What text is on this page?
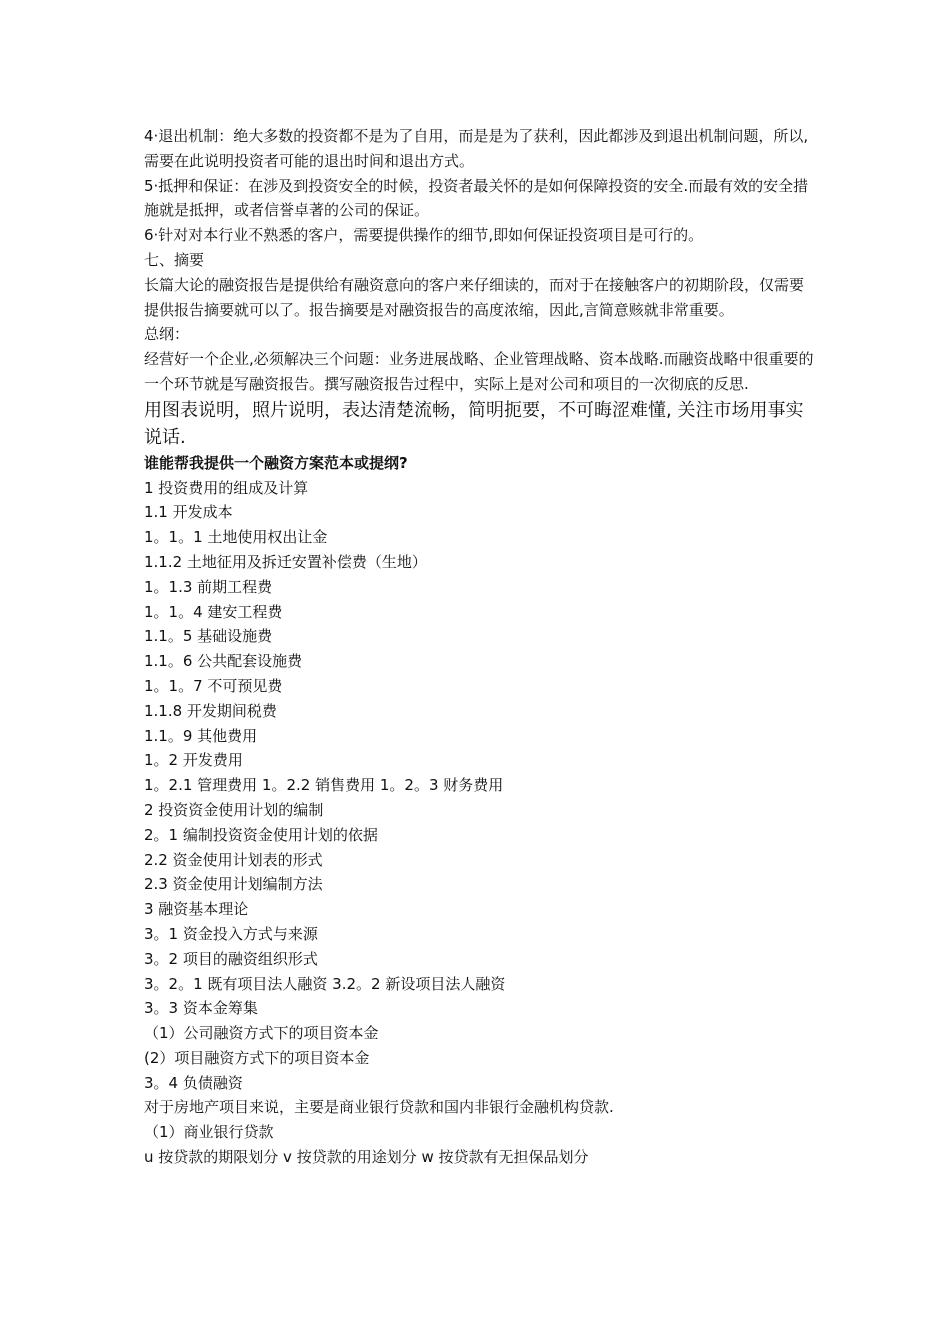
4·退出机制：绝大多数的投资都不是为了自用，而是是为了获利，因此都涉及到退出机制问题，所以,需要在此说明投资者可能的退出时间和退出方式。

5·抵押和保证：在涉及到投资安全的时候，投资者最关怀的是如何保障投资的安全.而最有效的安全措施就是抵押，或者信誉卓著的公司的保证。

6·针对对本行业不熟悉的客户，需要提供操作的细节,即如何保证投资项目是可行的。

七、摘要

长篇大论的融资报告是提供给有融资意向的客户来仔细读的，而对于在接触客户的初期阶段，仅需要提供报告摘要就可以了。报告摘要是对融资报告的高度浓缩，因此,言简意赅就非常重要。

总纲：

经营好一个企业,必须解决三个问题：业务进展战略、企业管理战略、资本战略.而融资战略中很重要的一个环节就是写融资报告。撰写融资报告过程中，实际上是对公司和项目的一次彻底的反思.

用图表说明，照片说明，表达清楚流畅，简明扼要，不可晦涩难懂, 关注市场用事实说话.

谁能帮我提供一个融资方案范本或提纲?

1 投资费用的组成及计算

1.1 开发成本

1。1。1 土地使用权出让金

1.1.2 土地征用及拆迁安置补偿费（生地）

1。1.3 前期工程费

1。1。4 建安工程费

1.1。5 基础设施费

1.1。6 公共配套设施费

1。1。7 不可预见费

1.1.8 开发期间税费

1.1。9 其他费用

1。2 开发费用

1。2.1 管理费用 1。2.2 销售费用 1。2。3 财务费用

2 投资资金使用计划的编制

2。1 编制投资资金使用计划的依据

2.2 资金使用计划表的形式

2.3 资金使用计划编制方法

3 融资基本理论

3。1 资金投入方式与来源

3。2 项目的融资组织形式

3。2。1 既有项目法人融资 3.2。2 新设项目法人融资

3。3 资本金筹集

（1）公司融资方式下的项目资本金

(2）项目融资方式下的项目资本金

3。4 负债融资

对于房地产项目来说，主要是商业银行贷款和国内非银行金融机构贷款.

（1）商业银行贷款

u 按贷款的期限划分 v 按贷款的用途划分 w 按贷款有无担保品划分
